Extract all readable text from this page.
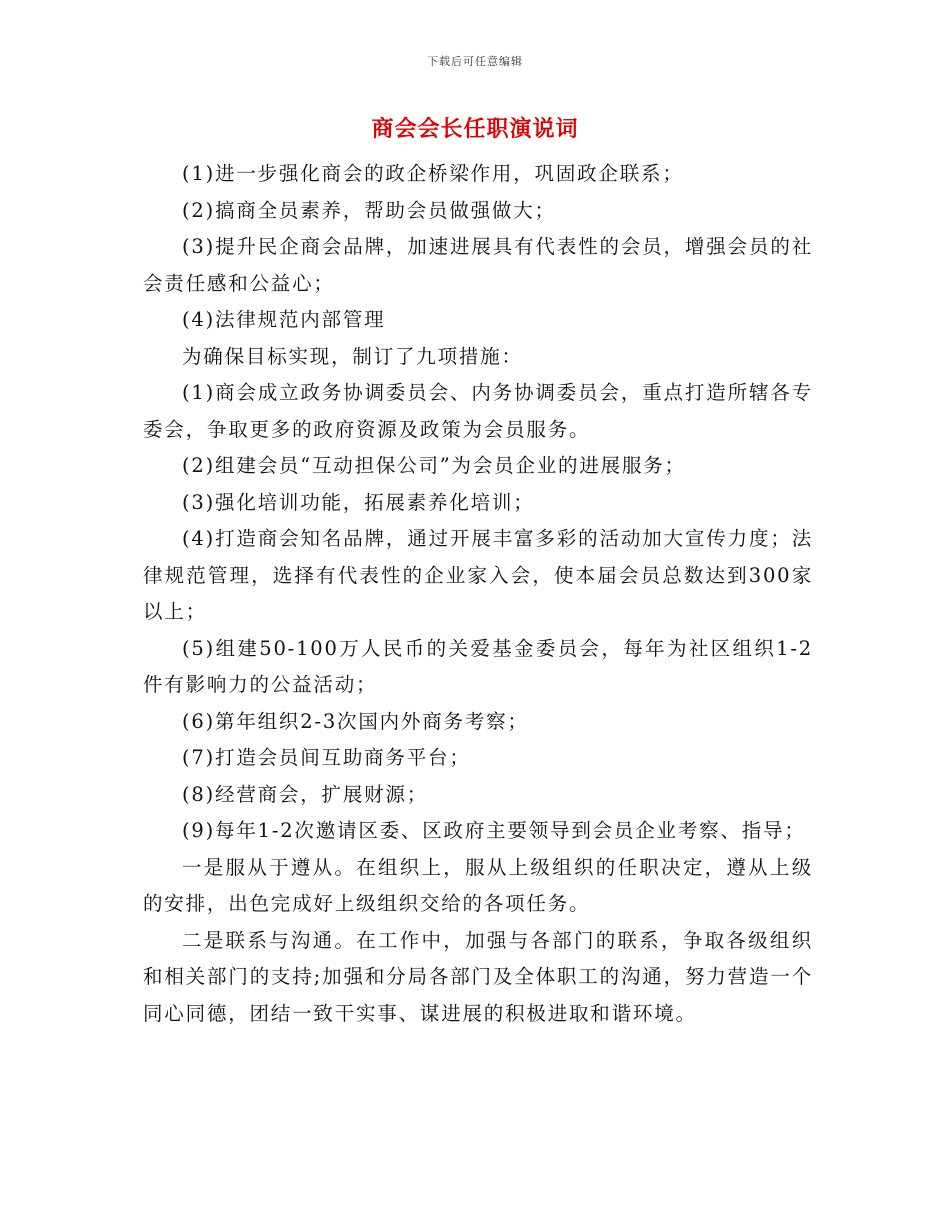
下载后可任意编辑
商会会长任职演说词

(1)进一步强化商会的政企桥梁作用，巩固政企联系；

(2)搞商全员素养，帮助会员做强做大；

(3)提升民企商会品牌，加速进展具有代表性的会员，增强会员的社会责任感和公益心；

(4)法律规范内部管理

为确保目标实现，制订了九项措施：

(1)商会成立政务协调委员会、内务协调委员会，重点打造所辖各专委会，争取更多的政府资源及政策为会员服务。

(2)组建会员“互动担保公司”为会员企业的进展服务；

(3)强化培训功能，拓展素养化培训；

(4)打造商会知名品牌，通过开展丰富多彩的活动加大宣传力度；法律规范管理，选择有代表性的企业家入会，使本届会员总数达到300家以上；

(5)组建50-100万人民币的关爱基金委员会，每年为社区组织1-2件有影响力的公益活动；

(6)第年组织2-3次国内外商务考察；

(7)打造会员间互助商务平台；

(8)经营商会，扩展财源；

(9)每年1-2次邀请区委、区政府主要领导到会员企业考察、指导；

一是服从于遵从。在组织上，服从上级组织的任职决定，遵从上级的安排，出色完成好上级组织交给的各项任务。

二是联系与沟通。在工作中，加强与各部门的联系，争取各级组织和相关部门的支持;加强和分局各部门及全体职工的沟通，努力营造一个同心同德，团结一致干实事、谋进展的积极进取和谐环境。
